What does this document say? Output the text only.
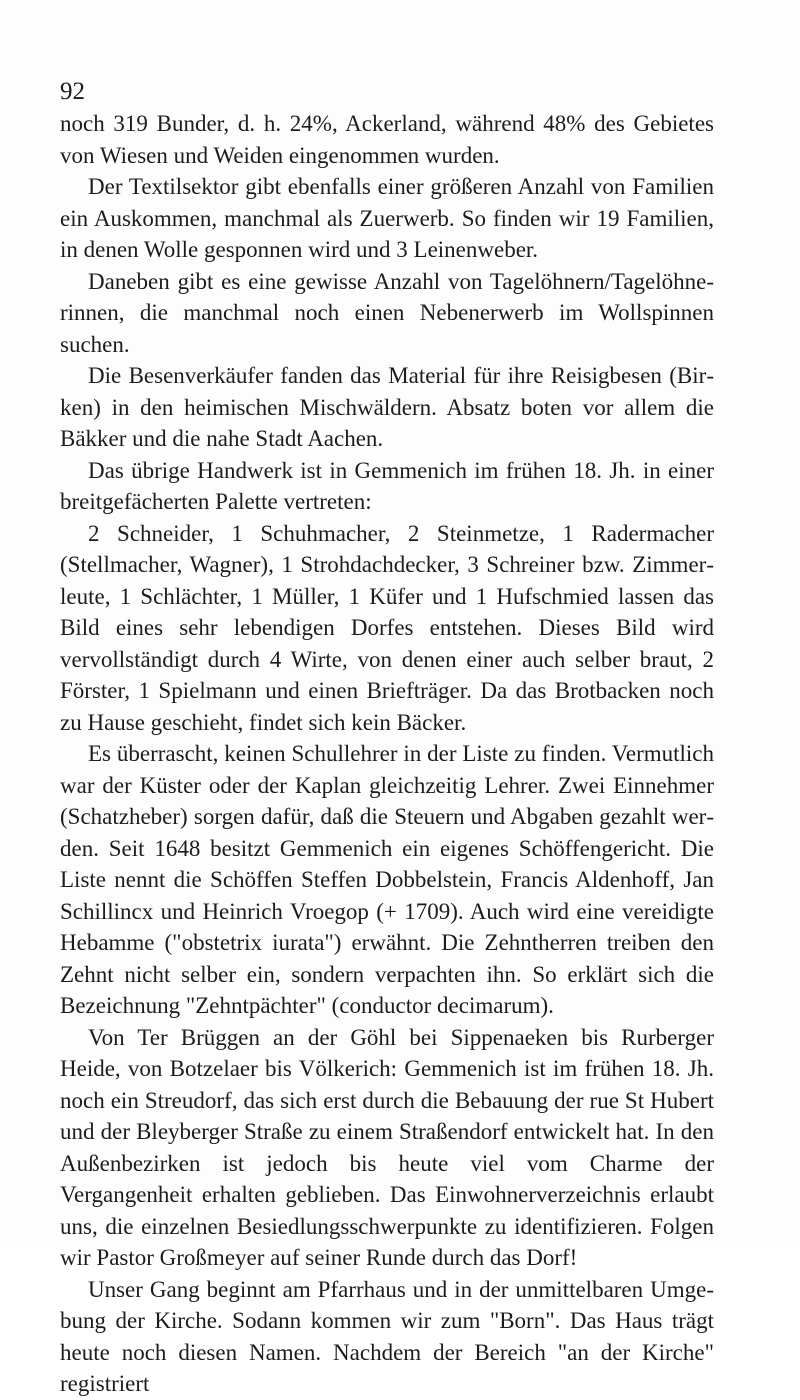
92

noch 319 Bunder, d. h. 24%, Ackerland, während 48% des Gebietes von Wiesen und Weiden eingenommen wurden.

Der Textilsektor gibt ebenfalls einer größeren Anzahl von Familien ein Auskommen, manchmal als Zuerwerb. So finden wir 19 Familien, in denen Wolle gesponnen wird und 3 Leinenweber.

Daneben gibt es eine gewisse Anzahl von Tagelöhnern/Tagelöhnerinnen, die manchmal noch einen Nebenerwerb im Wollspinnen suchen.

Die Besenverkäufer fanden das Material für ihre Reisigbesen (Birken) in den heimischen Mischwäldern. Absatz boten vor allem die Bäkker und die nahe Stadt Aachen.

Das übrige Handwerk ist in Gemmenich im frühen 18. Jh. in einer breitgefächerten Palette vertreten:

2 Schneider, 1 Schuhmacher, 2 Steinmetze, 1 Radermacher (Stellmacher, Wagner), 1 Strohdachdecker, 3 Schreiner bzw. Zimmerleute, 1 Schlächter, 1 Müller, 1 Küfer und 1 Hufschmied lassen das Bild eines sehr lebendigen Dorfes entstehen. Dieses Bild wird vervollständigt durch 4 Wirte, von denen einer auch selber braut, 2 Förster, 1 Spielmann und einen Briefträger. Da das Brotbacken noch zu Hause geschieht, findet sich kein Bäcker.

Es überrascht, keinen Schullehrer in der Liste zu finden. Vermutlich war der Küster oder der Kaplan gleichzeitig Lehrer. Zwei Einnehmer (Schatzheber) sorgen dafür, daß die Steuern und Abgaben gezahlt werden. Seit 1648 besitzt Gemmenich ein eigenes Schöffengericht. Die Liste nennt die Schöffen Steffen Dobbelstein, Francis Aldenhoff, Jan Schillincx und Heinrich Vroegop (+ 1709). Auch wird eine vereidigte Hebamme ("obstetrix iurata") erwähnt. Die Zehntherren treiben den Zehnt nicht selber ein, sondern verpachten ihn. So erklärt sich die Bezeichnung "Zehntpächter" (conductor decimarum).

Von Ter Brüggen an der Göhl bei Sippenaeken bis Rurberger Heide, von Botzelaer bis Völkerich: Gemmenich ist im frühen 18. Jh. noch ein Streudorf, das sich erst durch die Bebauung der rue St Hubert und der Bleyberger Straße zu einem Straßendorf entwickelt hat. In den Außenbezirken ist jedoch bis heute viel vom Charme der Vergangenheit erhalten geblieben. Das Einwohnerverzeichnis erlaubt uns, die einzelnen Besiedlungsschwerpunkte zu identifizieren. Folgen wir Pastor Großmeyer auf seiner Runde durch das Dorf!

Unser Gang beginnt am Pfarrhaus und in der unmittelbaren Umgebung der Kirche. Sodann kommen wir zum "Born". Das Haus trägt heute noch diesen Namen. Nachdem der Bereich "an der Kirche" registriert
